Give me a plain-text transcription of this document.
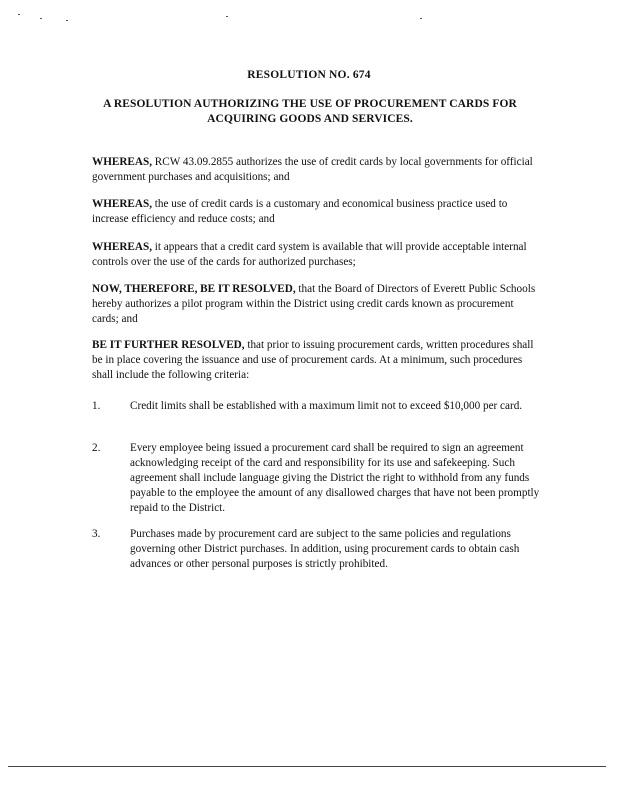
RESOLUTION NO. 674
A RESOLUTION AUTHORIZING THE USE OF PROCUREMENT CARDS FOR ACQUIRING GOODS AND SERVICES.
WHEREAS, RCW 43.09.2855 authorizes the use of credit cards by local governments for official government purchases and acquisitions; and
WHEREAS, the use of credit cards is a customary and economical business practice used to increase efficiency and reduce costs; and
WHEREAS, it appears that a credit card system is available that will provide acceptable internal controls over the use of the cards for authorized purchases;
NOW, THEREFORE, BE IT RESOLVED, that the Board of Directors of Everett Public Schools hereby authorizes a pilot program within the District using credit cards known as procurement cards; and
BE IT FURTHER RESOLVED, that prior to issuing procurement cards, written procedures shall be in place covering the issuance and use of procurement cards. At a minimum, such procedures shall include the following criteria:
1.	Credit limits shall be established with a maximum limit not to exceed $10,000 per card.
2.	Every employee being issued a procurement card shall be required to sign an agreement acknowledging receipt of the card and responsibility for its use and safekeeping. Such agreement shall include language giving the District the right to withhold from any funds payable to the employee the amount of any disallowed charges that have not been promptly repaid to the District.
3.	Purchases made by procurement card are subject to the same policies and regulations governing other District purchases. In addition, using procurement cards to obtain cash advances or other personal purposes is strictly prohibited.
